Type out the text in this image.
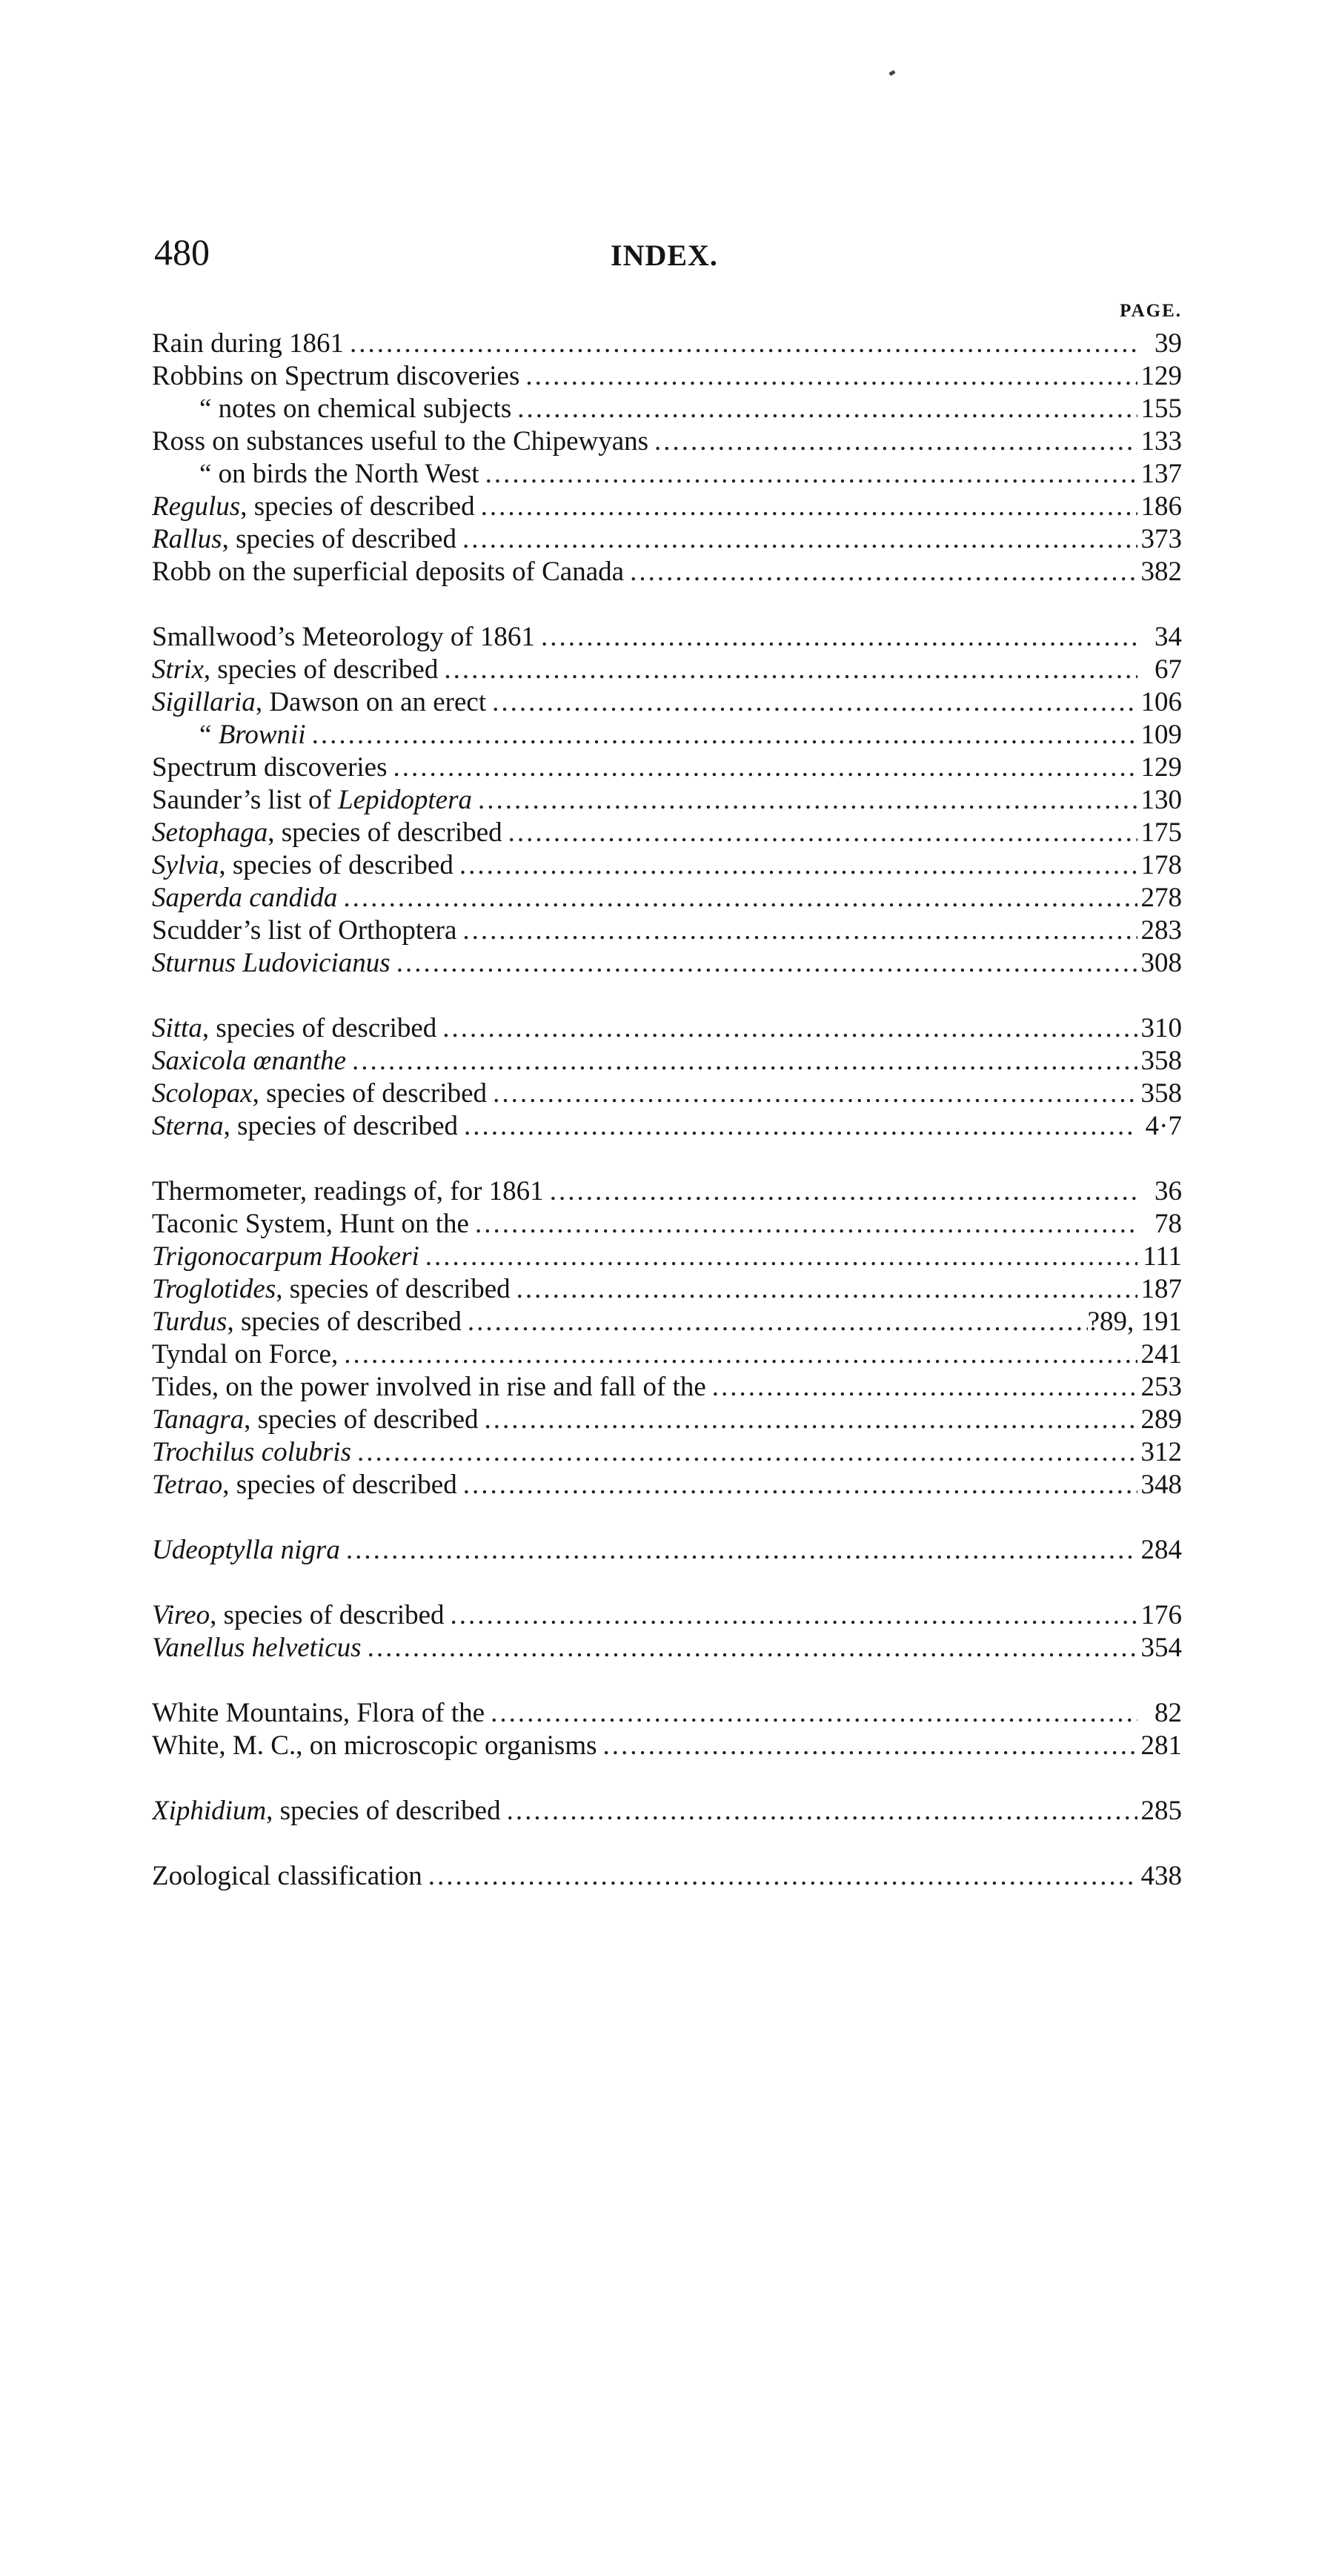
480	INDEX.
PAGE.
Rain during 1861 .....	39
Robbins on Spectrum discoveries .....	129
“ notes on chemical subjects .....	155
Ross on substances useful to the Chipewyans .....	133
“ on birds the North West .....	137
Regulus, species of described .....	186
Rallus, species of described .....	373
Robb on the superficial deposits of Canada .....	382
Smallwood’s Meteorology of 1861 .....	34
Strix, species of described .....	67
Sigillaria, Dawson on an erect .....	106
“ Brownii .....	109
Spectrum discoveries .....	129
Saunder’s list of Lepidoptera .....	130
Setophaga, species of described .....	175
Sylvia, species of described .....	178
Saperda candida .....	278
Scudder’s list of Orthoptera .....	283
Sturnus Ludovicianus .....	308
Sitta, species of described .....	310
Saxicola œnanthe .....	358
Scolopax, species of described .....	358
Sterna, species of described .....	4·7
Thermometer, readings of, for 1861 .....	36
Taconic System, Hunt on the .....	78
Trigonocarpum Hookeri .....	111
Troglotides, species of described .....	187
Turdus, species of described .....	?89, 191
Tyndal on Force, .....	241
Tides, on the power involved in rise and fall of the .....	253
Tanagra, species of described .....	289
Trochilus colubris .....	312
Tetrao, species of described .....	348
Udeoptylla nigra .....	284
Vireo, species of described .....	176
Vanellus helveticus .....	354
White Mountains, Flora of the .....	82
White, M. C., on microscopic organisms .....	281
Xiphidium, species of described .....	285
Zoological classification .....	438
